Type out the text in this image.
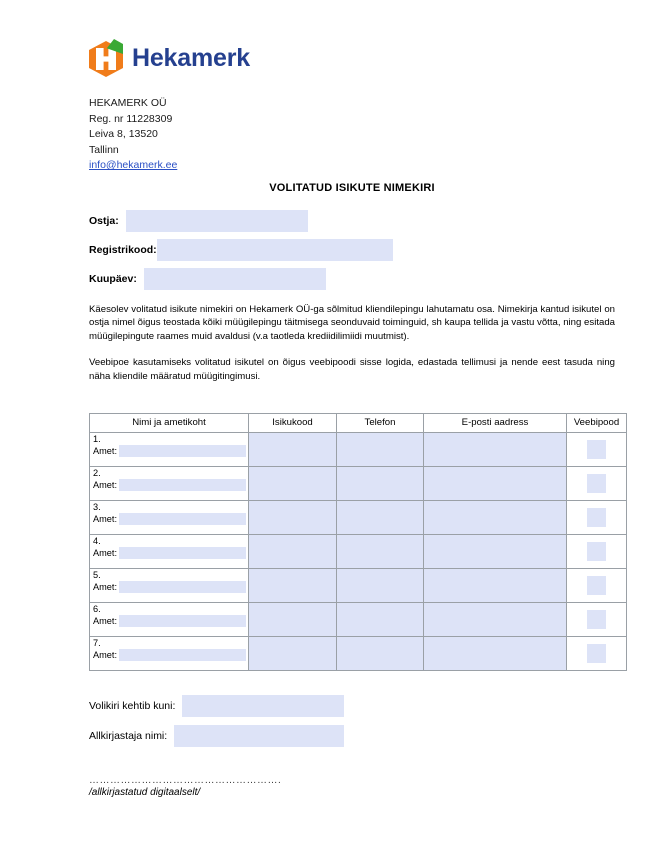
Hekamerk
HEKAMERK OÜ
Reg. nr 11228309
Leiva 8, 13520
Tallinn
info@hekamerk.ee
VOLITATUD ISIKUTE NIMEKIRI
Ostja:
Registrikood:
Kuupäev:

Käesolev volitatud isikute nimekiri on Hekamerk OÜ-ga sõlmitud kliendilepingu lahutamatu osa. Nimekirja kantud isikutel on ostja nimel õigus teostada kõiki müügilepingu täitmisega seonduvaid toiminguid, sh kaupa tellida ja vastu võtta, ning esitada müügilepingute raames muid avaldusi (v.a taotleda krediidilimiidi muutmist).

Veebipoe kasutamiseks volitatud isikutel on õigus veebipoodi sisse logida, edastada tellimusi ja nende eest tasuda ning näha kliendile määratud müügitingimusi.

Nimi ja ametikoht	Isikukood	Telefon	E-posti aadress	Veebipood

1.
Amet:				

2.
Amet:				

3.
Amet:				

4.
Amet:				

5.
Amet:				

6.
Amet:				

7.
Amet:				

Volikiri kehtib kuni:
Allkirjastaja nimi:
……………………………………………….
/allkirjastatud digitaalselt/
